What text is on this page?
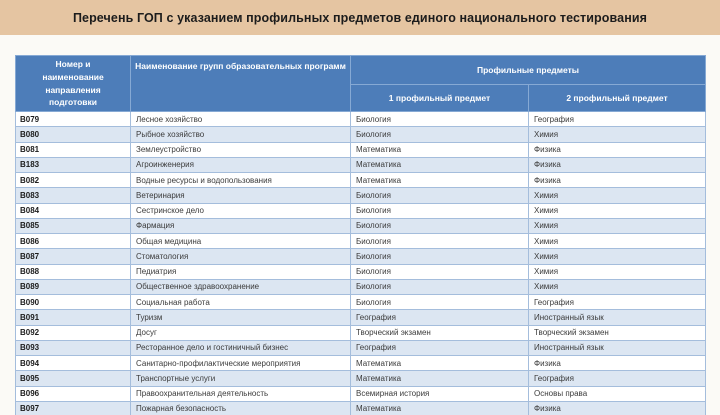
Перечень ГОП с указанием профильных предметов единого национального тестирования
Номер и наименование направления подготовки	Наименование групп образовательных программ	Профильные предметы	
		1 профильный предмет	2 профильный предмет
B079	Лесное хозяйство	Биология	География
B080	Рыбное хозяйство	Биология	Химия
B081	Землеустройство	Математика	Физика
B183	Агроинженерия	Математика	Физика
B082	Водные ресурсы и водопользования	Математика	Физика
B083	Ветеринария	Биология	Химия
B084	Сестринское дело	Биология	Химия
B085	Фармация	Биология	Химия
B086	Общая медицина	Биология	Химия
B087	Стоматология	Биология	Химия
B088	Педиатрия	Биология	Химия
B089	Общественное здравоохранение	Биология	Химия
B090	Социальная работа	Биология	География
B091	Туризм	География	Иностранный язык
B092	Досуг	Творческий экзамен	Творческий экзамен
B093	Ресторанное дело и гостиничный бизнес	География	Иностранный язык
B094	Санитарно-профилактические мероприятия	Математика	Физика
B095	Транспортные услуги	Математика	География
B096	Правоохранительная деятельность	Всемирная история	Основы права
B097	Пожарная безопасность	Математика	Физика
